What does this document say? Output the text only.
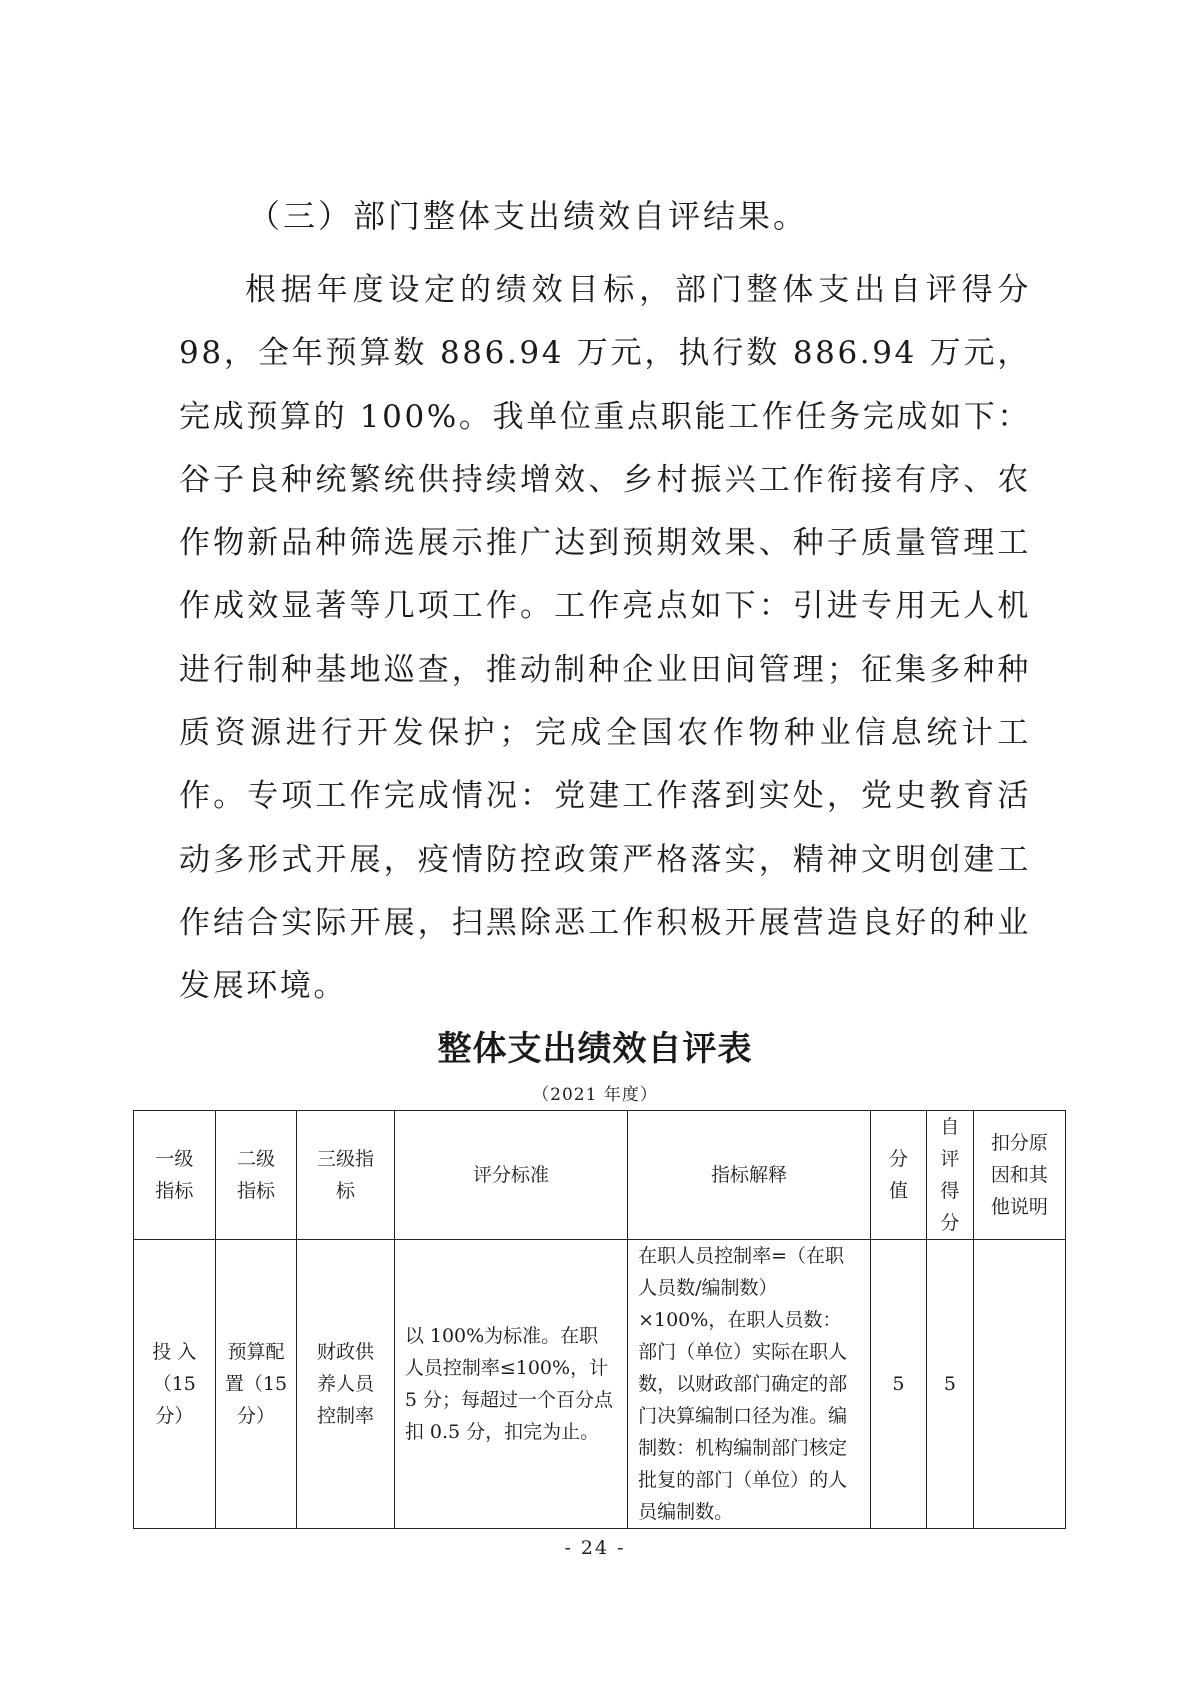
（三）部门整体支出绩效自评结果。

根据年度设定的绩效目标，部门整体支出自评得分 98，全年预算数 886.94 万元，执行数 886.94 万元，完成预算的 100%。我单位重点职能工作任务完成如下：谷子良种统繁统供持续增效、乡村振兴工作衔接有序、农作物新品种筛选展示推广达到预期效果、种子质量管理工作成效显著等几项工作。工作亮点如下：引进专用无人机进行制种基地巡查，推动制种企业田间管理；征集多种种质资源进行开发保护；完成全国农作物种业信息统计工作。专项工作完成情况：党建工作落到实处，党史教育活动多形式开展，疫情防控政策严格落实，精神文明创建工作结合实际开展，扫黑除恶工作积极开展营造良好的种业发展环境。

整体支出绩效自评表
（2021 年度）
一级指标	二级指标	三级指标	评分标准	指标解释	分值	自评得分	扣分原因和其他说明

投 入（15 分）	预算配置（15 分）	财政供养人员控制率	以 100%为标准。在职人员控制率≤100%，计 5 分；每超过一个百分点扣 0.5 分，扣完为止。	在职人员控制率=（在职人员数/编制数）×100%，在职人员数：部门（单位）实际在职人数，以财政部门确定的部门决算编制口径为准。编制数：机构编制部门核定批复的部门（单位）的人员编制数。	5	5	

- 24 -
